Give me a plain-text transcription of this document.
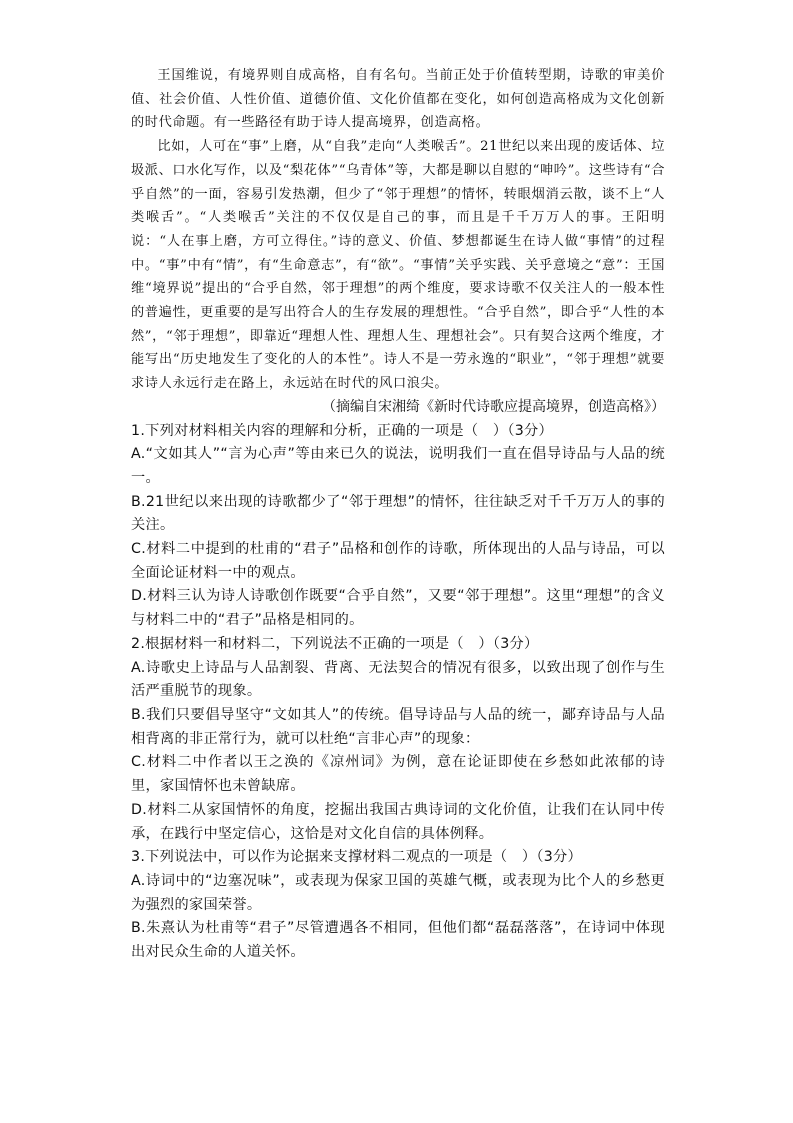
王国维说，有境界则自成高格，自有名句。当前正处于价值转型期，诗歌的审美价值、社会价值、人性价值、道德价值、文化价值都在变化，如何创造高格成为文化创新的时代命题。有一些路径有助于诗人提高境界，创造高格。

比如，人可在“事”上磨，从“自我”走向“人类喉舌”。21世纪以来出现的废话体、垃圾派、口水化写作，以及“梨花体”“乌青体”等，大都是聊以自慰的“呻吟”。这些诗有“合乎自然”的一面，容易引发热潮，但少了“邻于理想”的情怀，转眼烟消云散，谈不上“人类喉舌”。“人类喉舌”关注的不仅仅是自己的事，而且是千千万万人的事。王阳明说：“人在事上磨，方可立得住。”诗的意义、价值、梦想都诞生在诗人做“事情”的过程中。“事”中有“情”，有“生命意志”，有“欲”。“事情”关乎实践、关乎意境之“意”：王国维“境界说”提出的“合乎自然，邻于理想”的两个维度，要求诗歌不仅关注人的一般本性的普遍性，更重要的是写出符合人的生存发展的理想性。“合乎自然”，即合乎“人性的本然”，“邻于理想”，即靠近“理想人性、理想人生、理想社会”。只有契合这两个维度，才能写出“历史地发生了变化的人的本性”。诗人不是一劳永逸的“职业”，“邻于理想”就要求诗人永远行走在路上，永远站在时代的风口浪尖。

（摘编自宋湘绮《新时代诗歌应提高境界，创造高格》）

1.下列对材料相关内容的理解和分析，正确的一项是（　）（3分）

A.“文如其人”“言为心声”等由来已久的说法，说明我们一直在倡导诗品与人品的统一。

B.21世纪以来出现的诗歌都少了“邻于理想”的情怀，往往缺乏对千千万万人的事的关注。

C.材料二中提到的杜甫的“君子”品格和创作的诗歌，所体现出的人品与诗品，可以全面论证材料一中的观点。

D.材料三认为诗人诗歌创作既要“合乎自然”，又要“邻于理想”。这里“理想”的含义与材料二中的“君子”品格是相同的。

2.根据材料一和材料二，下列说法不正确的一项是（　）（3分）

A.诗歌史上诗品与人品割裂、背离、无法契合的情况有很多，以致出现了创作与生活严重脱节的现象。

B.我们只要倡导坚守“文如其人”的传统。倡导诗品与人品的统一，鄙弃诗品与人品相背离的非正常行为，就可以杜绝“言非心声”的现象：

C.材料二中作者以王之涣的《凉州词》为例，意在论证即使在乡愁如此浓郁的诗里，家国情怀也未曾缺席。

D.材料二从家国情怀的角度，挖掘出我国古典诗词的文化价值，让我们在认同中传承，在践行中坚定信心，这恰是对文化自信的具体例释。

3.下列说法中，可以作为论据来支撑材料二观点的一项是（　）（3分）

A.诗词中的“边塞况味”，或表现为保家卫国的英雄气概，或表现为比个人的乡愁更为强烈的家国荣誉。

B.朱熹认为杜甫等“君子”尽管遭遇各不相同，但他们都“磊磊落落”，在诗词中体现出对民众生命的人道关怀。
